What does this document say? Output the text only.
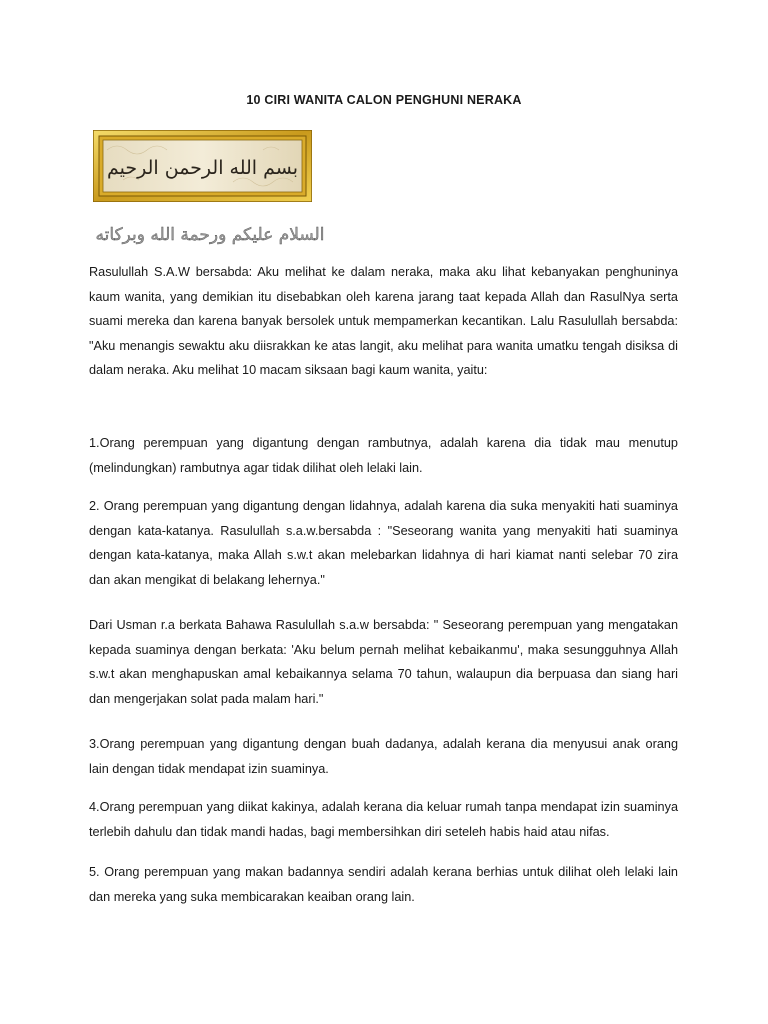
10 CIRI WANITA CALON PENGHUNI NERAKA
بسم الله الرحمن الرحيم
السلام عليكم ورحمة الله وبركاته

Rasulullah S.A.W bersabda: Aku melihat ke dalam neraka, maka aku lihat kebanyakan penghuninya kaum wanita, yang demikian itu disebabkan oleh karena jarang taat kepada Allah dan RasulNya serta suami mereka dan karena banyak bersolek untuk mempamerkan kecantikan. Lalu Rasulullah bersabda: "Aku menangis sewaktu aku diisrakkan ke atas langit, aku melihat para wanita umatku tengah disiksa di dalam neraka. Aku melihat 10 macam siksaan bagi kaum wanita, yaitu:

1.Orang perempuan yang digantung dengan rambutnya, adalah karena dia tidak mau menutup (melindungkan) rambutnya agar tidak dilihat oleh lelaki lain.

2. Orang perempuan yang digantung dengan lidahnya, adalah karena dia suka menyakiti hati suaminya dengan kata-katanya. Rasulullah s.a.w.bersabda : "Seseorang wanita yang menyakiti hati suaminya dengan kata-katanya, maka Allah s.w.t akan melebarkan lidahnya di hari kiamat nanti selebar 70 zira dan akan mengikat di belakang lehernya."

Dari Usman r.a berkata Bahawa Rasulullah s.a.w bersabda: " Seseorang perempuan yang mengatakan kepada suaminya dengan berkata: 'Aku belum pernah melihat kebaikanmu', maka sesungguhnya Allah s.w.t akan menghapuskan amal kebaikannya selama 70 tahun, walaupun dia berpuasa dan siang hari dan mengerjakan solat pada malam hari."

3.Orang perempuan yang digantung dengan buah dadanya, adalah kerana dia menyusui anak orang lain dengan tidak mendapat izin suaminya.

4.Orang perempuan yang diikat kakinya, adalah kerana dia keluar rumah tanpa mendapat izin suaminya terlebih dahulu dan tidak mandi hadas, bagi membersihkan diri seteleh habis haid atau nifas.

5. Orang perempuan yang makan badannya sendiri adalah kerana berhias untuk dilihat oleh lelaki lain dan mereka yang suka membicarakan keaiban orang lain.
